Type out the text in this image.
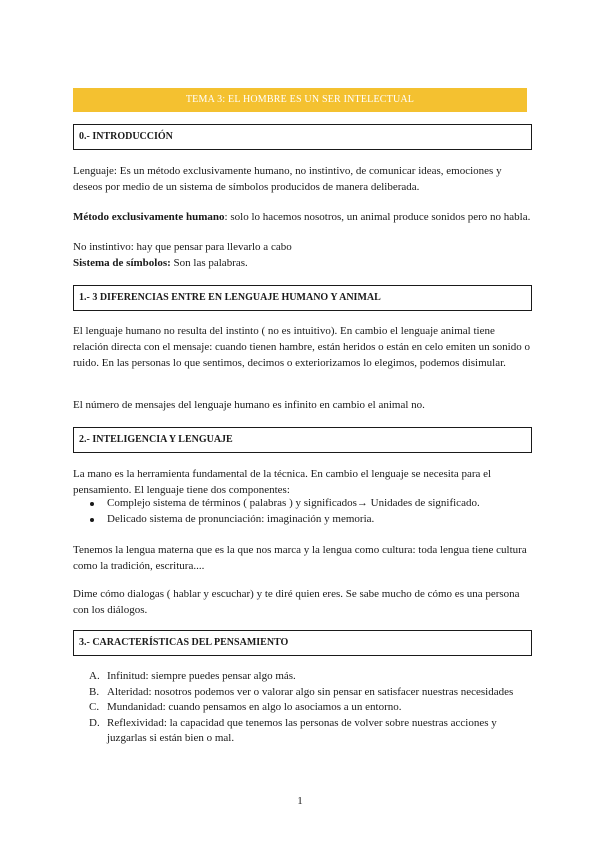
TEMA 3: EL HOMBRE ES UN SER INTELECTUAL
0.- INTRODUCCIÓN

Lenguaje: Es un método exclusivamente humano, no instintivo, de comunicar ideas, emociones y deseos por medio de un sistema de símbolos producidos de manera deliberada.

Método exclusivamente humano: solo lo hacemos nosotros, un animal produce sonidos pero no habla.

No instintivo: hay que pensar para llevarlo a cabo

Sistema de símbolos: Son las palabras.

1.- 3 DIFERENCIAS ENTRE EN LENGUAJE HUMANO Y ANIMAL

El lenguaje humano no resulta del instinto ( no es intuitivo). En cambio el lenguaje animal tiene relación directa con el mensaje: cuando tienen hambre, están heridos o están en celo emiten un sonido o ruido. En las personas lo que sentimos, decimos o exteriorizamos lo elegimos, podemos disimular.

El número de mensajes del lenguaje humano es infinito en cambio el animal no.

2.- INTELIGENCIA Y LENGUAJE

La mano es la herramienta fundamental de la técnica. En cambio el lenguaje se necesita para el pensamiento. El lenguaje tiene dos componentes:

Complejo sistema de términos ( palabras ) y significados→ Unidades de significado.
Delicado sistema de pronunciación: imaginación y memoria.

Tenemos la lengua materna que es la que nos marca y la lengua como cultura: toda lengua tiene cultura como la tradición, escritura....

Dime cómo dialogas ( hablar y escuchar) y te diré quien eres. Se sabe mucho de cómo es una persona con los diálogos.

3.- CARACTERÍSTICAS DEL PENSAMIENTO
A. Infinitud: siempre puedes pensar algo más.
B. Alteridad: nosotros podemos ver o valorar algo sin pensar en satisfacer nuestras necesidades
C. Mundanidad: cuando pensamos en algo lo asociamos a un entorno.
D. Reflexividad: la capacidad que tenemos las personas de volver sobre nuestras acciones y juzgarlas si están bien o mal.
1
